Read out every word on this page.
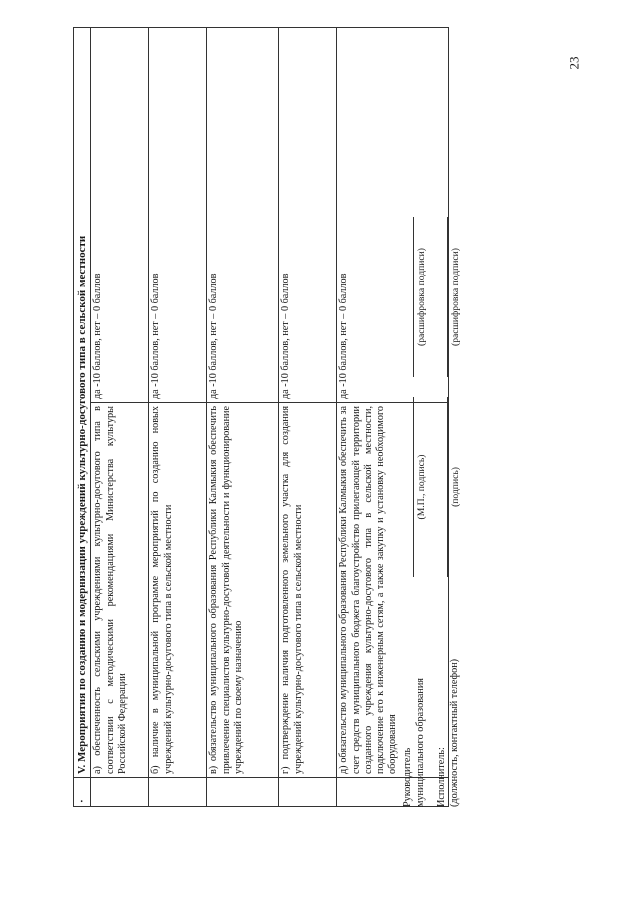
23
·	V. Мероприятия по созданию и модернизации учреждений культурно-досугового типа в сельской местности	
	а) обеспеченность сельскими учреждениями культурно-досугового типа в соответствии с методическими рекомендациями Министерства культуры Российской Федерации	да -10 баллов, нет – 0 баллов
	б) наличие в муниципальной программе мероприятий по созданию новых учреждений культурно-досугового типа в сельской местности	да -10 баллов, нет – 0 баллов
	в) обязательство муниципального образования Республики Калмыкия обеспечить привлечение специалистов культурно-досуговой деятельности и функционирование учреждений по своему назначению	да -10 баллов, нет – 0 баллов
	г) подтверждение наличия подготовленного земельного участка для создания учреждений культурно-досугового типа в сельской местности	да -10 баллов, нет – 0 баллов
	д) обязательство муниципального образования Республики Калмыкия обеспечить за счет средств муниципального бюджета благоустройство прилегающей территории созданного учреждения культурно-досугового типа в сельской местности, подключение его к инженерным сетям, а также закупку и установку необходимого оборудования	да -10 баллов, нет – 0 баллов
Руководитель муниципального образования
(М.П., подпись)
(расшифровка подписи)
Исполнитель: (должность, контактный телефон)
(подпись)
(расшифровка подписи)
